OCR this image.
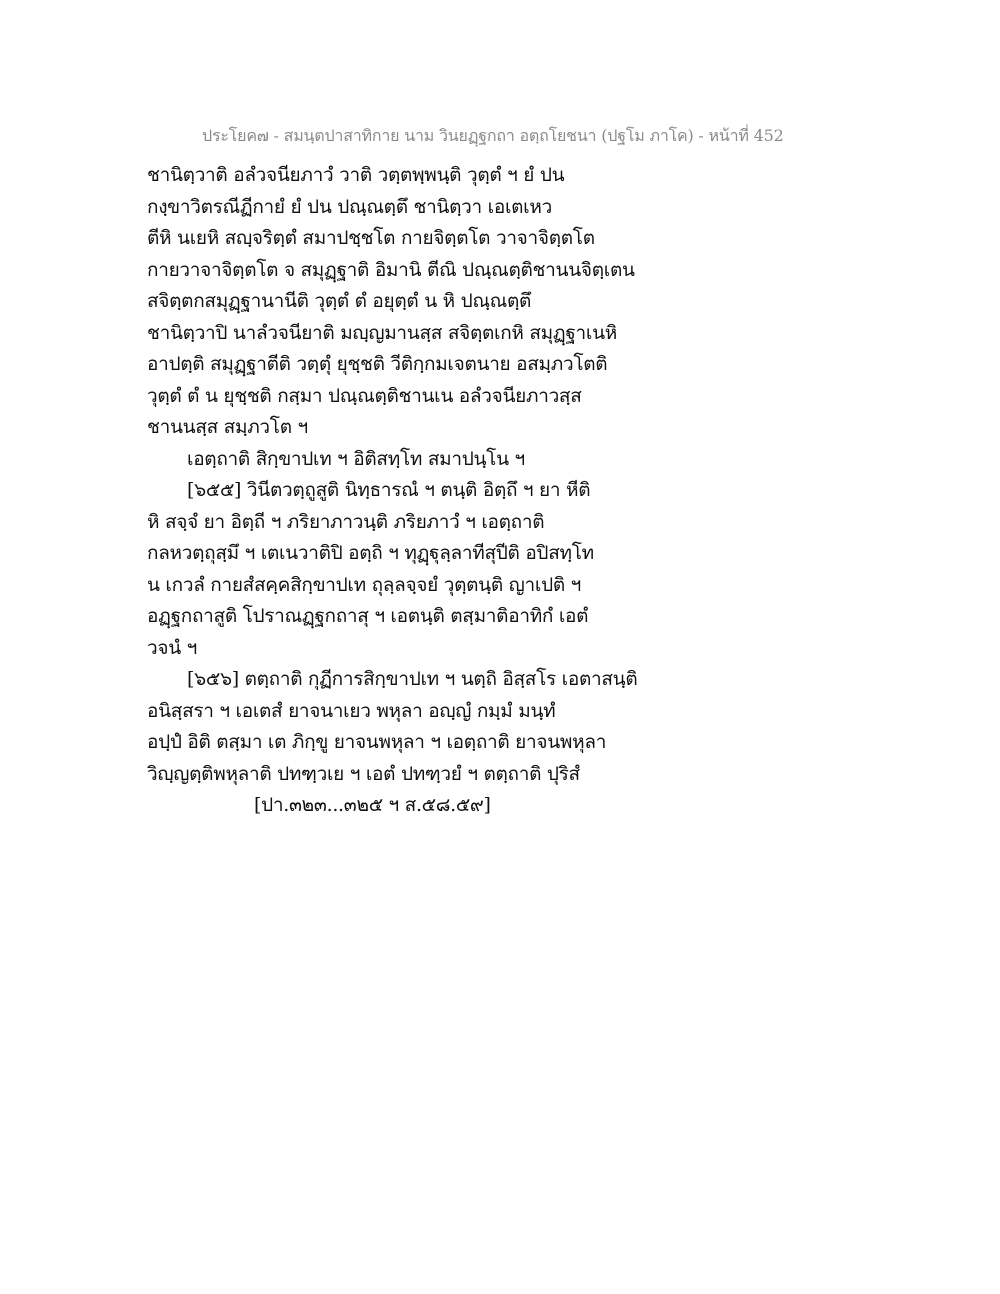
ประโยค๗ - สมนฺตปาสาทิกาย นาม วินยฏฺฐกถา อตฺถโยชนา (ปฐโม ภาโค) - หน้าที่ 452
ชานิตฺวาติ อลํวจนียภาวํ วาติ วตฺตพฺพนฺติ วุตฺตํ ฯ ยํ ปน
กงฺขาวิตรณีฏีกายํ ยํ ปน ปณฺณตฺตึ ชานิตฺวา เอเตเหว
ตีหิ นเยหิ สญฺจริตฺตํ สมาปชฺชโต กายจิตฺตโต วาจาจิตฺตโต
กายวาจาจิตฺตโต จ สมุฏฺฐาติ อิมานิ ตีณิ ปณฺณตฺติชานนจิตฺเตน
สจิตฺตกสมุฏฺฐานานีติ วุตฺตํ ตํ อยุตฺตํ น หิ ปณฺณตฺตึ
ชานิตฺวาปิ นาลํวจนียาติ มญฺญมานสฺส สจิตฺตเกหิ สมุฏฺฐาเนหิ
อาปตฺติ สมุฏฺฐาตีติ วตฺตุํ ยุชฺชติ วีติกฺกมเจตนาย อสมฺภวโตติ
วุตฺตํ ตํ น ยุชฺชติ กสฺมา ปณฺณตฺติชานเน อลํวจนียภาวสฺส
ชานนสฺส สมฺภวโต ฯ
เอตฺถาติ สิกฺขาปเท ฯ อิติสทฺโท สมาปนฺโน ฯ
[๖๕๕] วินีตวตฺถูสูติ นิทฺธารณํ ฯ ตนฺติ อิตฺถึ ฯ ยา หีติ
หิ สจฺจํ ยา อิตฺถี ฯ ภริยาภาวนฺติ ภริยภาวํ ฯ เอตฺถาติ
กลหวตฺถุสฺมึ ฯ เตเนวาติปิ อตฺถิ ฯ ทุฏฺฐุลฺลาทีสุปีติ อปิสทฺโท
น เกวลํ กายสํสคฺคสิกฺขาปเท ถุลฺลจฺจยํ วุตฺตนฺติ ญาเปติ ฯ
อฏฺฐกถาสูติ โปราณฏฺฐกถาสุ ฯ เอตนฺติ ตสฺมาติอาทิกํ เอตํ
วจนํ ฯ
[๖๕๖] ตตฺถาติ กุฏีการสิกฺขาปเท ฯ นตฺถิ อิสฺสโร เอตาสนฺติ
อนิสฺสรา ฯ เอเตสํ ยาจนาเยว พหุลา อญฺญํ กมฺมํ มนฺทํ
อปฺปํ อิติ ตสฺมา เต ภิกฺขู ยาจนพหุลา ฯ เอตฺถาติ ยาจนพหุลา
วิญฺญตฺติพหุลาติ ปทฑฺวเย ฯ เอตํ ปทฑฺวยํ ฯ ตตฺถาติ ปุริสํ
[ปา.๓๒๓...๓๒๕ ฯ ส.๕๘.๕๙]
